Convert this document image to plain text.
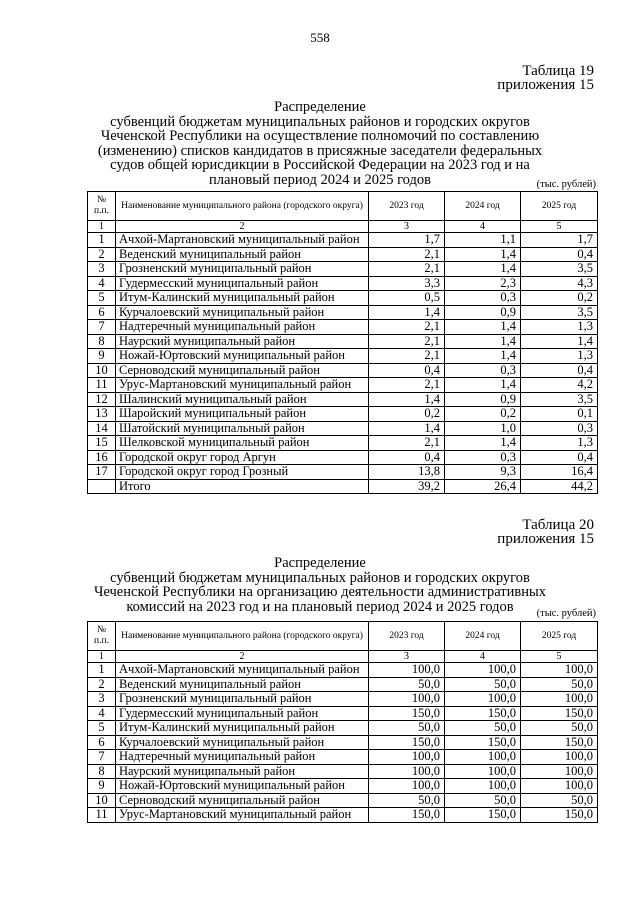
558
Таблица 19
приложения 15
Распределение
субвенций бюджетам муниципальных районов и городских округов
Чеченской Республики на осуществление полномочий по составлению
(изменению) списков кандидатов в присяжные заседатели федеральных
судов общей юрисдикции в Российской Федерации на 2023 год и на
плановый период 2024 и 2025 годов	(тыс. рублей)
№ п.п.	Наименование муниципального района (городского округа)	2023 год	2024 год	2025 год
1	2	3	4	5
1	Ачхой-Мартановский муниципальный район	1,7	1,1	1,7
2	Веденский муниципальный район	2,1	1,4	0,4
3	Грозненский муниципальный район	2,1	1,4	3,5
4	Гудермесский муниципальный район	3,3	2,3	4,3
5	Итум-Калинский муниципальный район	0,5	0,3	0,2
6	Курчалоевский муниципальный район	1,4	0,9	3,5
7	Надтеречный муниципальный район	2,1	1,4	1,3
8	Наурский муниципальный район	2,1	1,4	1,4
9	Ножай-Юртовский муниципальный район	2,1	1,4	1,3
10	Серноводский муниципальный район	0,4	0,3	0,4
11	Урус-Мартановский муниципальный район	2,1	1,4	4,2
12	Шалинский муниципальный район	1,4	0,9	3,5
13	Шаройский муниципальный район	0,2	0,2	0,1
14	Шатойский муниципальный район	1,4	1,0	0,3
15	Шелковской муниципальный район	2,1	1,4	1,3
16	Городской округ город Аргун	0,4	0,3	0,4
17	Городской округ город Грозный	13,8	9,3	16,4
	Итого	39,2	26,4	44,2
Таблица 20
приложения 15
Распределение
субвенций бюджетам муниципальных районов и городских округов
Чеченской Республики на организацию деятельности административных
комиссий на 2023 год и на плановый период 2024 и 2025 годов	(тыс. рублей)
№ п.п.	Наименование муниципального района (городского округа)	2023 год	2024 год	2025 год
1	2	3	4	5
1	Ачхой-Мартановский муниципальный район	100,0	100,0	100,0
2	Веденский муниципальный район	50,0	50,0	50,0
3	Грозненский муниципальный район	100,0	100,0	100,0
4	Гудермесский муниципальный район	150,0	150,0	150,0
5	Итум-Калинский муниципальный район	50,0	50,0	50,0
6	Курчалоевский муниципальный район	150,0	150,0	150,0
7	Надтеречный муниципальный район	100,0	100,0	100,0
8	Наурский муниципальный район	100,0	100,0	100,0
9	Ножай-Юртовский муниципальный район	100,0	100,0	100,0
10	Серноводский муниципальный район	50,0	50,0	50,0
11	Урус-Мартановский муниципальный район	150,0	150,0	150,0
